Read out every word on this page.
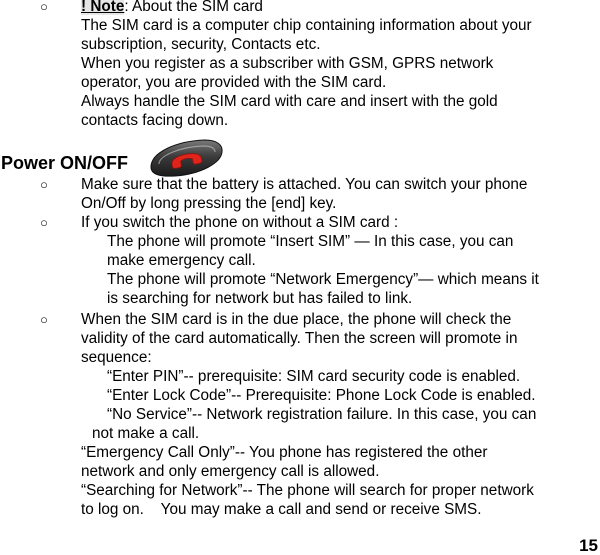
○ ! Note: About the SIM card
The SIM card is a computer chip containing information about your
subscription, security, Contacts etc.
When you register as a subscriber with GSM, GPRS network
operator, you are provided with the SIM card.
Always handle the SIM card with care and insert with the gold
contacts facing down.
Power ON/OFF
○ Make sure that the battery is attached. You can switch your phone
On/Off by long pressing the [end] key.
○ If you switch the phone on without a SIM card :
The phone will promote “Insert SIM” — In this case, you can
make emergency call.
The phone will promote “Network Emergency”— which means it
is searching for network but has failed to link.
○ When the SIM card is in the due place, the phone will check the
validity of the card automatically. Then the screen will promote in
sequence:
“Enter PIN”-- prerequisite: SIM card security code is enabled.
“Enter Lock Code”-- Prerequisite: Phone Lock Code is enabled.
“No Service”-- Network registration failure. In this case, you can
not make a call.
“Emergency Call Only”-- You phone has registered the other
network and only emergency call is allowed.
“Searching for Network”-- The phone will search for proper network
to log on.    You may make a call and send or receive SMS.
15
